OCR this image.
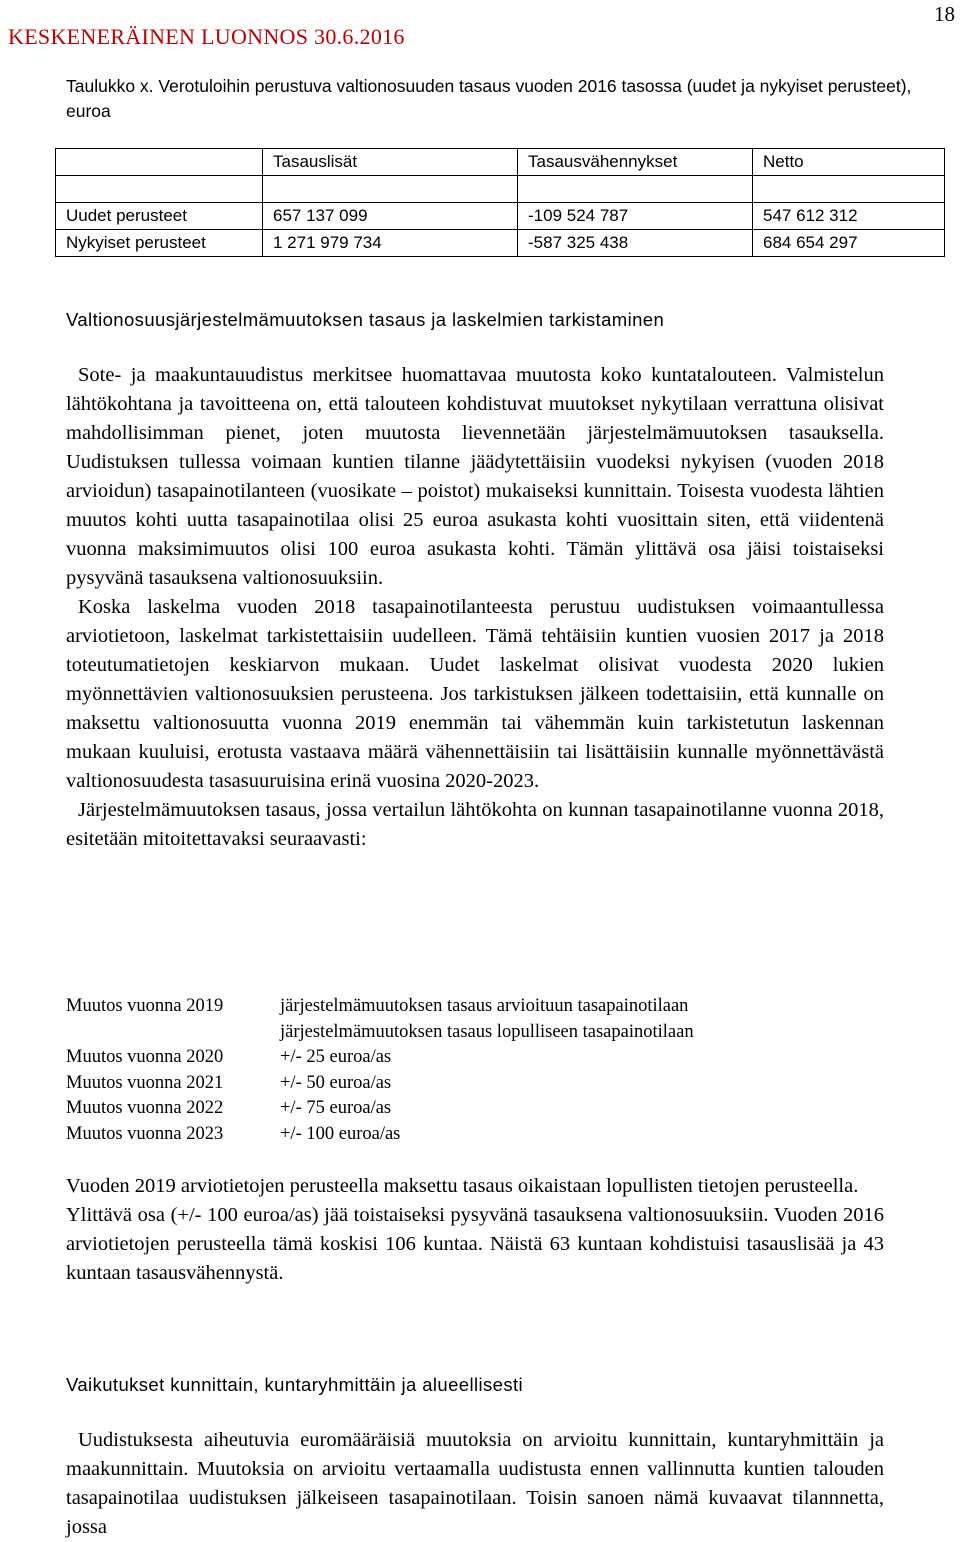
KESKENERÄINEN LUONNOS 30.6.2016
18
Taulukko x. Verotuloihin perustuva valtionosuuden tasaus vuoden 2016 tasossa (uudet ja nykyiset perusteet), euroa
	Tasauslisät	Tasausvähennykset	Netto

Uudet perusteet	657 137 099	-109 524 787	547 612 312
Nykyiset perusteet	1 271 979 734	-587 325 438	684 654 297
Valtionosuusjärjestelmämuutoksen tasaus ja laskelmien tarkistaminen

Sote- ja maakuntauudistus merkitsee huomattavaa muutosta koko kuntatalouteen. Valmistelun lähtökohtana ja tavoitteena on, että talouteen kohdistuvat muutokset nykytilaan verrattuna olisivat mahdollisimman pienet, joten muutosta lievennetään järjestelmämuutoksen tasauksella. Uudistuksen tullessa voimaan kuntien tilanne jäädytettäisiin vuodeksi nykyisen (vuoden 2018 arvioidun) tasapainotilanteen (vuosikate – poistot) mukaiseksi kunnittain. Toisesta vuodesta lähtien muutos kohti uutta tasapainotilaa olisi 25 euroa asukasta kohti vuosittain siten, että viidentenä vuonna maksimimuutos olisi 100 euroa asukasta kohti. Tämän ylittävä osa jäisi toistaiseksi pysyvänä tasauksena valtionosuuksiin.

Koska laskelma vuoden 2018 tasapainotilanteesta perustuu uudistuksen voimaantullessa arviotietoon, laskelmat tarkistettaisiin uudelleen. Tämä tehtäisiin kuntien vuosien 2017 ja 2018 toteutumatietojen keskiarvon mukaan. Uudet laskelmat olisivat vuodesta 2020 lukien myönnettävien valtionosuuksien perusteena. Jos tarkistuksen jälkeen todettaisiin, että kunnalle on maksettu valtionosuutta vuonna 2019 enemmän tai vähemmän kuin tarkistetutun laskennan mukaan kuuluisi, erotusta vastaava määrä vähennettäisiin tai lisättäisiin kunnalle myönnettävästä valtionosuudesta tasasuuruisina erinä vuosina 2020-2023.

Järjestelmämuutoksen tasaus, jossa vertailun lähtökohta on kunnan tasapainotilanne vuonna 2018, esitetään mitoitettavaksi seuraavasti:

Muutos vuonna 2019	järjestelmämuutoksen tasaus arvioituun tasapainotilaan
järjestelmämuutoksen tasaus lopulliseen tasapainotilaan
Muutos vuonna 2020	+/- 25 euroa/as
Muutos vuonna 2021	+/- 50 euroa/as
Muutos vuonna 2022	+/- 75 euroa/as
Muutos vuonna 2023	+/- 100 euroa/as

Vuoden 2019 arviotietojen perusteella maksettu tasaus oikaistaan lopullisten tietojen perusteella.

Ylittävä osa (+/- 100 euroa/as) jää toistaiseksi pysyvänä tasauksena valtionosuuksiin. Vuoden 2016 arviotietojen perusteella tämä koskisi 106 kuntaa. Näistä 63 kuntaan kohdistuisi tasauslisää ja 43 kuntaan tasausvähennystä.

Vaikutukset kunnittain, kuntaryhmittäin ja alueellisesti

Uudistuksesta aiheutuvia euromääräisiä muutoksia on arvioitu kunnittain, kuntaryhmittäin ja maakunnittain. Muutoksia on arvioitu vertaamalla uudistusta ennen vallinnutta kuntien talouden tasapainotilaa uudistuksen jälkeiseen tasapainotilaan. Toisin sanoen nämä kuvaavat tilannnetta, jossa
